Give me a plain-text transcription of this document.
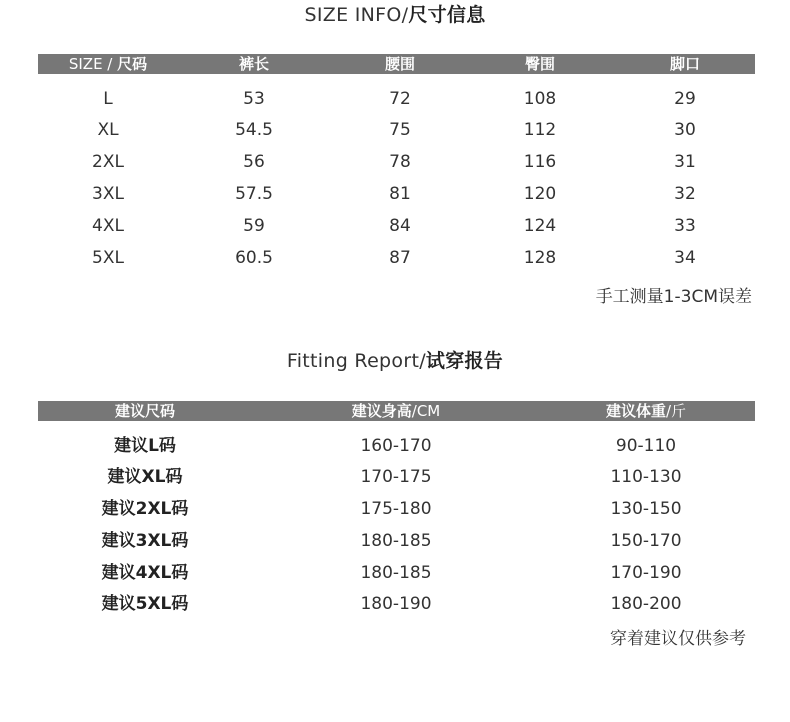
SIZE INFO/尺寸信息
SIZE / 尺码	裤长	腰围	臀围	脚口
L	53	72	108	29
XL	54.5	75	112	30
2XL	56	78	116	31
3XL	57.5	81	120	32
4XL	59	84	124	33
5XL	60.5	87	128	34
手工测量1-3CM误差
Fitting Report/试穿报告
建议尺码	建议身高/CM	建议体重/斤
建议L码	160-170	90-110
建议XL码	170-175	110-130
建议2XL码	175-180	130-150
建议3XL码	180-185	150-170
建议4XL码	180-185	170-190
建议5XL码	180-190	180-200
穿着建议仅供参考
